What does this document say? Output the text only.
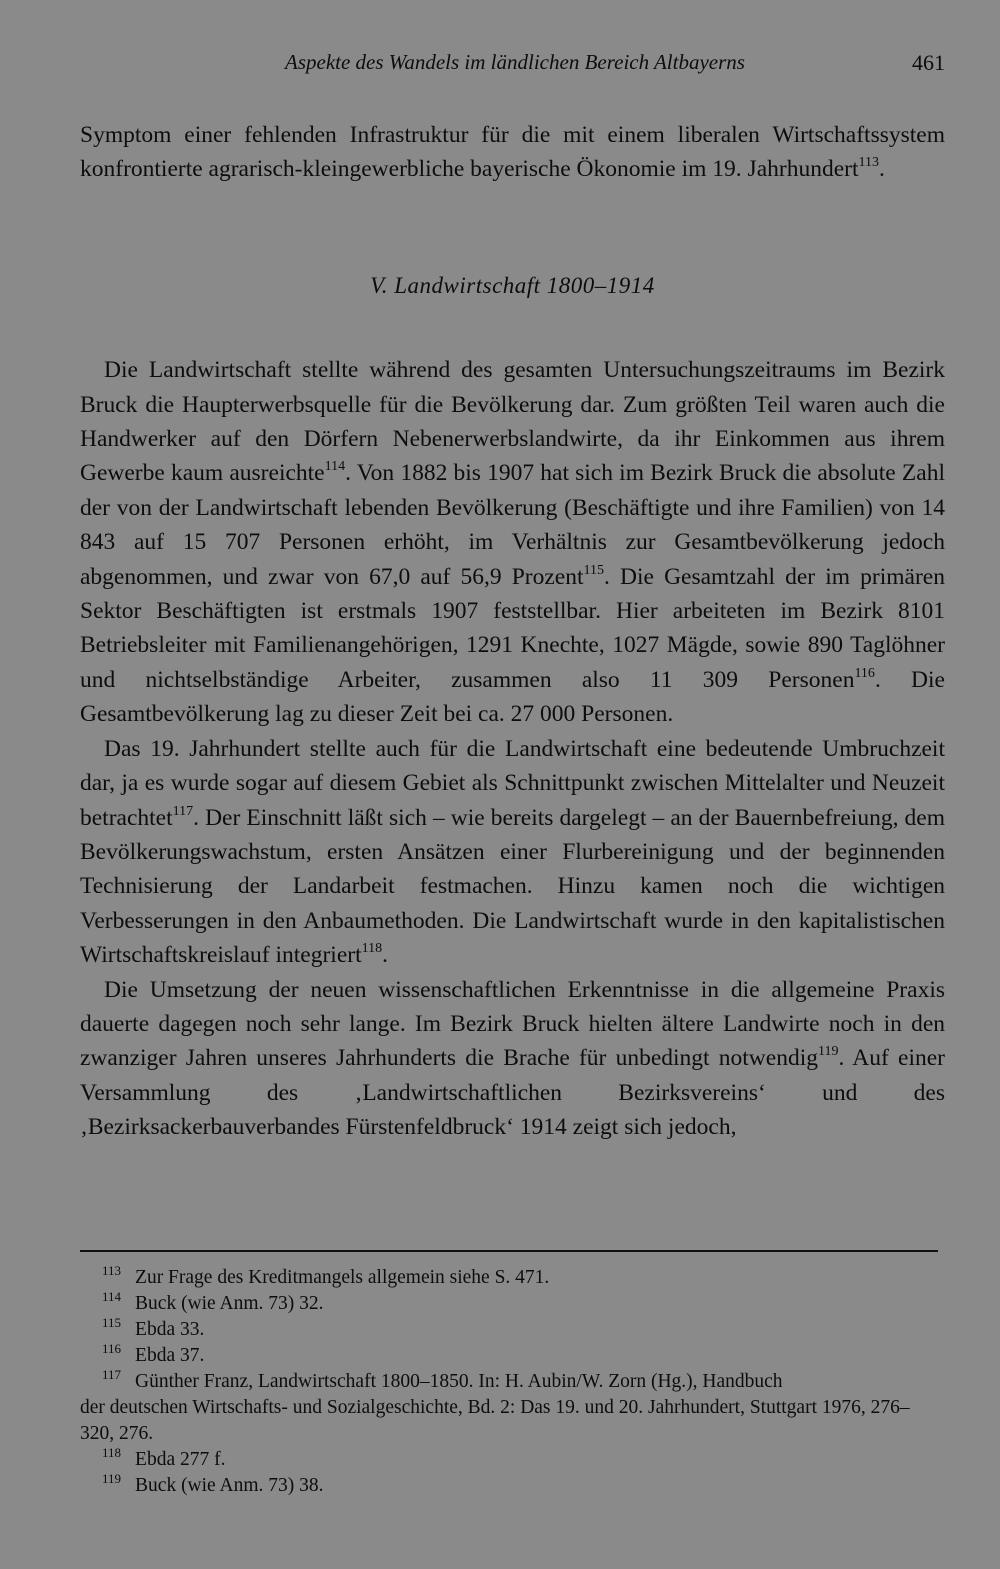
Aspekte des Wandels im ländlichen Bereich Altbayerns	461

Symptom einer fehlenden Infrastruktur für die mit einem liberalen Wirtschaftssystem konfrontierte agrarisch-kleingewerbliche bayerische Ökonomie im 19. Jahrhundert$^{113}$.

V. Landwirtschaft 1800–1914

Die Landwirtschaft stellte während des gesamten Untersuchungszeitraums im Bezirk Bruck die Haupterwerbsquelle für die Bevölkerung dar. Zum größten Teil waren auch die Handwerker auf den Dörfern Nebenerwerbslandwirte, da ihr Einkommen aus ihrem Gewerbe kaum ausreichte$^{114}$. Von 1882 bis 1907 hat sich im Bezirk Bruck die absolute Zahl der von der Landwirtschaft lebenden Bevölkerung (Beschäftigte und ihre Familien) von 14 843 auf 15 707 Personen erhöht, im Verhältnis zur Gesamtbevölkerung jedoch abgenommen, und zwar von 67,0 auf 56,9 Prozent$^{115}$. Die Gesamtzahl der im primären Sektor Beschäftigten ist erstmals 1907 feststellbar. Hier arbeiteten im Bezirk 8101 Betriebsleiter mit Familienangehörigen, 1291 Knechte, 1027 Mägde, sowie 890 Taglöhner und nichtselbständige Arbeiter, zusammen also 11 309 Personen$^{116}$. Die Gesamtbevölkerung lag zu dieser Zeit bei ca. 27 000 Personen.

Das 19. Jahrhundert stellte auch für die Landwirtschaft eine bedeutende Umbruchzeit dar, ja es wurde sogar auf diesem Gebiet als Schnittpunkt zwischen Mittelalter und Neuzeit betrachtet$^{117}$. Der Einschnitt läßt sich – wie bereits dargelegt – an der Bauernbefreiung, dem Bevölkerungswachstum, ersten Ansätzen einer Flurbereinigung und der beginnenden Technisierung der Landarbeit festmachen. Hinzu kamen noch die wichtigen Verbesserungen in den Anbaumethoden. Die Landwirtschaft wurde in den kapitalistischen Wirtschaftskreislauf integriert$^{118}$.

Die Umsetzung der neuen wissenschaftlichen Erkenntnisse in die allgemeine Praxis dauerte dagegen noch sehr lange. Im Bezirk Bruck hielten ältere Landwirte noch in den zwanziger Jahren unseres Jahrhunderts die Brache für unbedingt notwendig$^{119}$. Auf einer Versammlung des ‚Landwirtschaftlichen Bezirksvereins‘ und des ‚Bezirksackerbauverbandes Fürstenfeldbruck‘ 1914 zeigt sich jedoch,

$^{113}$ Zur Frage des Kreditmangels allgemein siehe S. 471.
$^{114}$ Buck (wie Anm. 73) 32.
$^{115}$ Ebda 33.
$^{116}$ Ebda 37.
$^{117}$ Günther Franz, Landwirtschaft 1800–1850. In: H. Aubin/W. Zorn (Hg.), Handbuch
der deutschen Wirtschafts- und Sozialgeschichte, Bd. 2: Das 19. und 20. Jahrhundert, Stuttgart 1976, 276–320, 276.
$^{118}$ Ebda 277 f.
$^{119}$ Buck (wie Anm. 73) 38.
